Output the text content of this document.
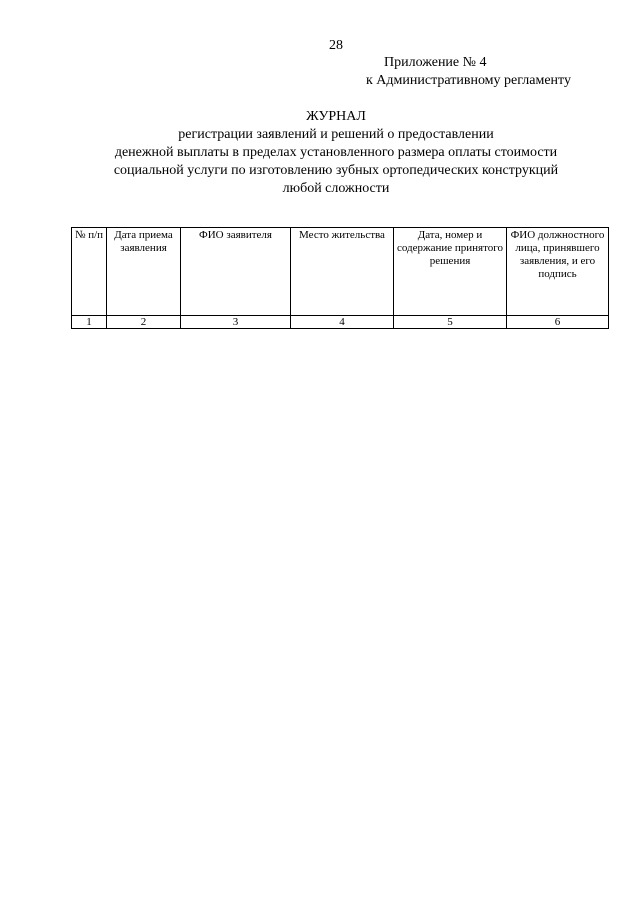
28
Приложение № 4
к Административному регламенту
ЖУРНАЛ
регистрации заявлений и решений о предоставлении
денежной выплаты в пределах установленного размера оплаты стоимости
социальной услуги по изготовлению зубных ортопедических конструкций
любой сложности
№ п/п	Дата приема заявления	ФИО заявителя	Место жительства	Дата, номер и содержание принятого решения	ФИО должностного лица, принявшего заявления, и его подпись
1	2	3	4	5	6
